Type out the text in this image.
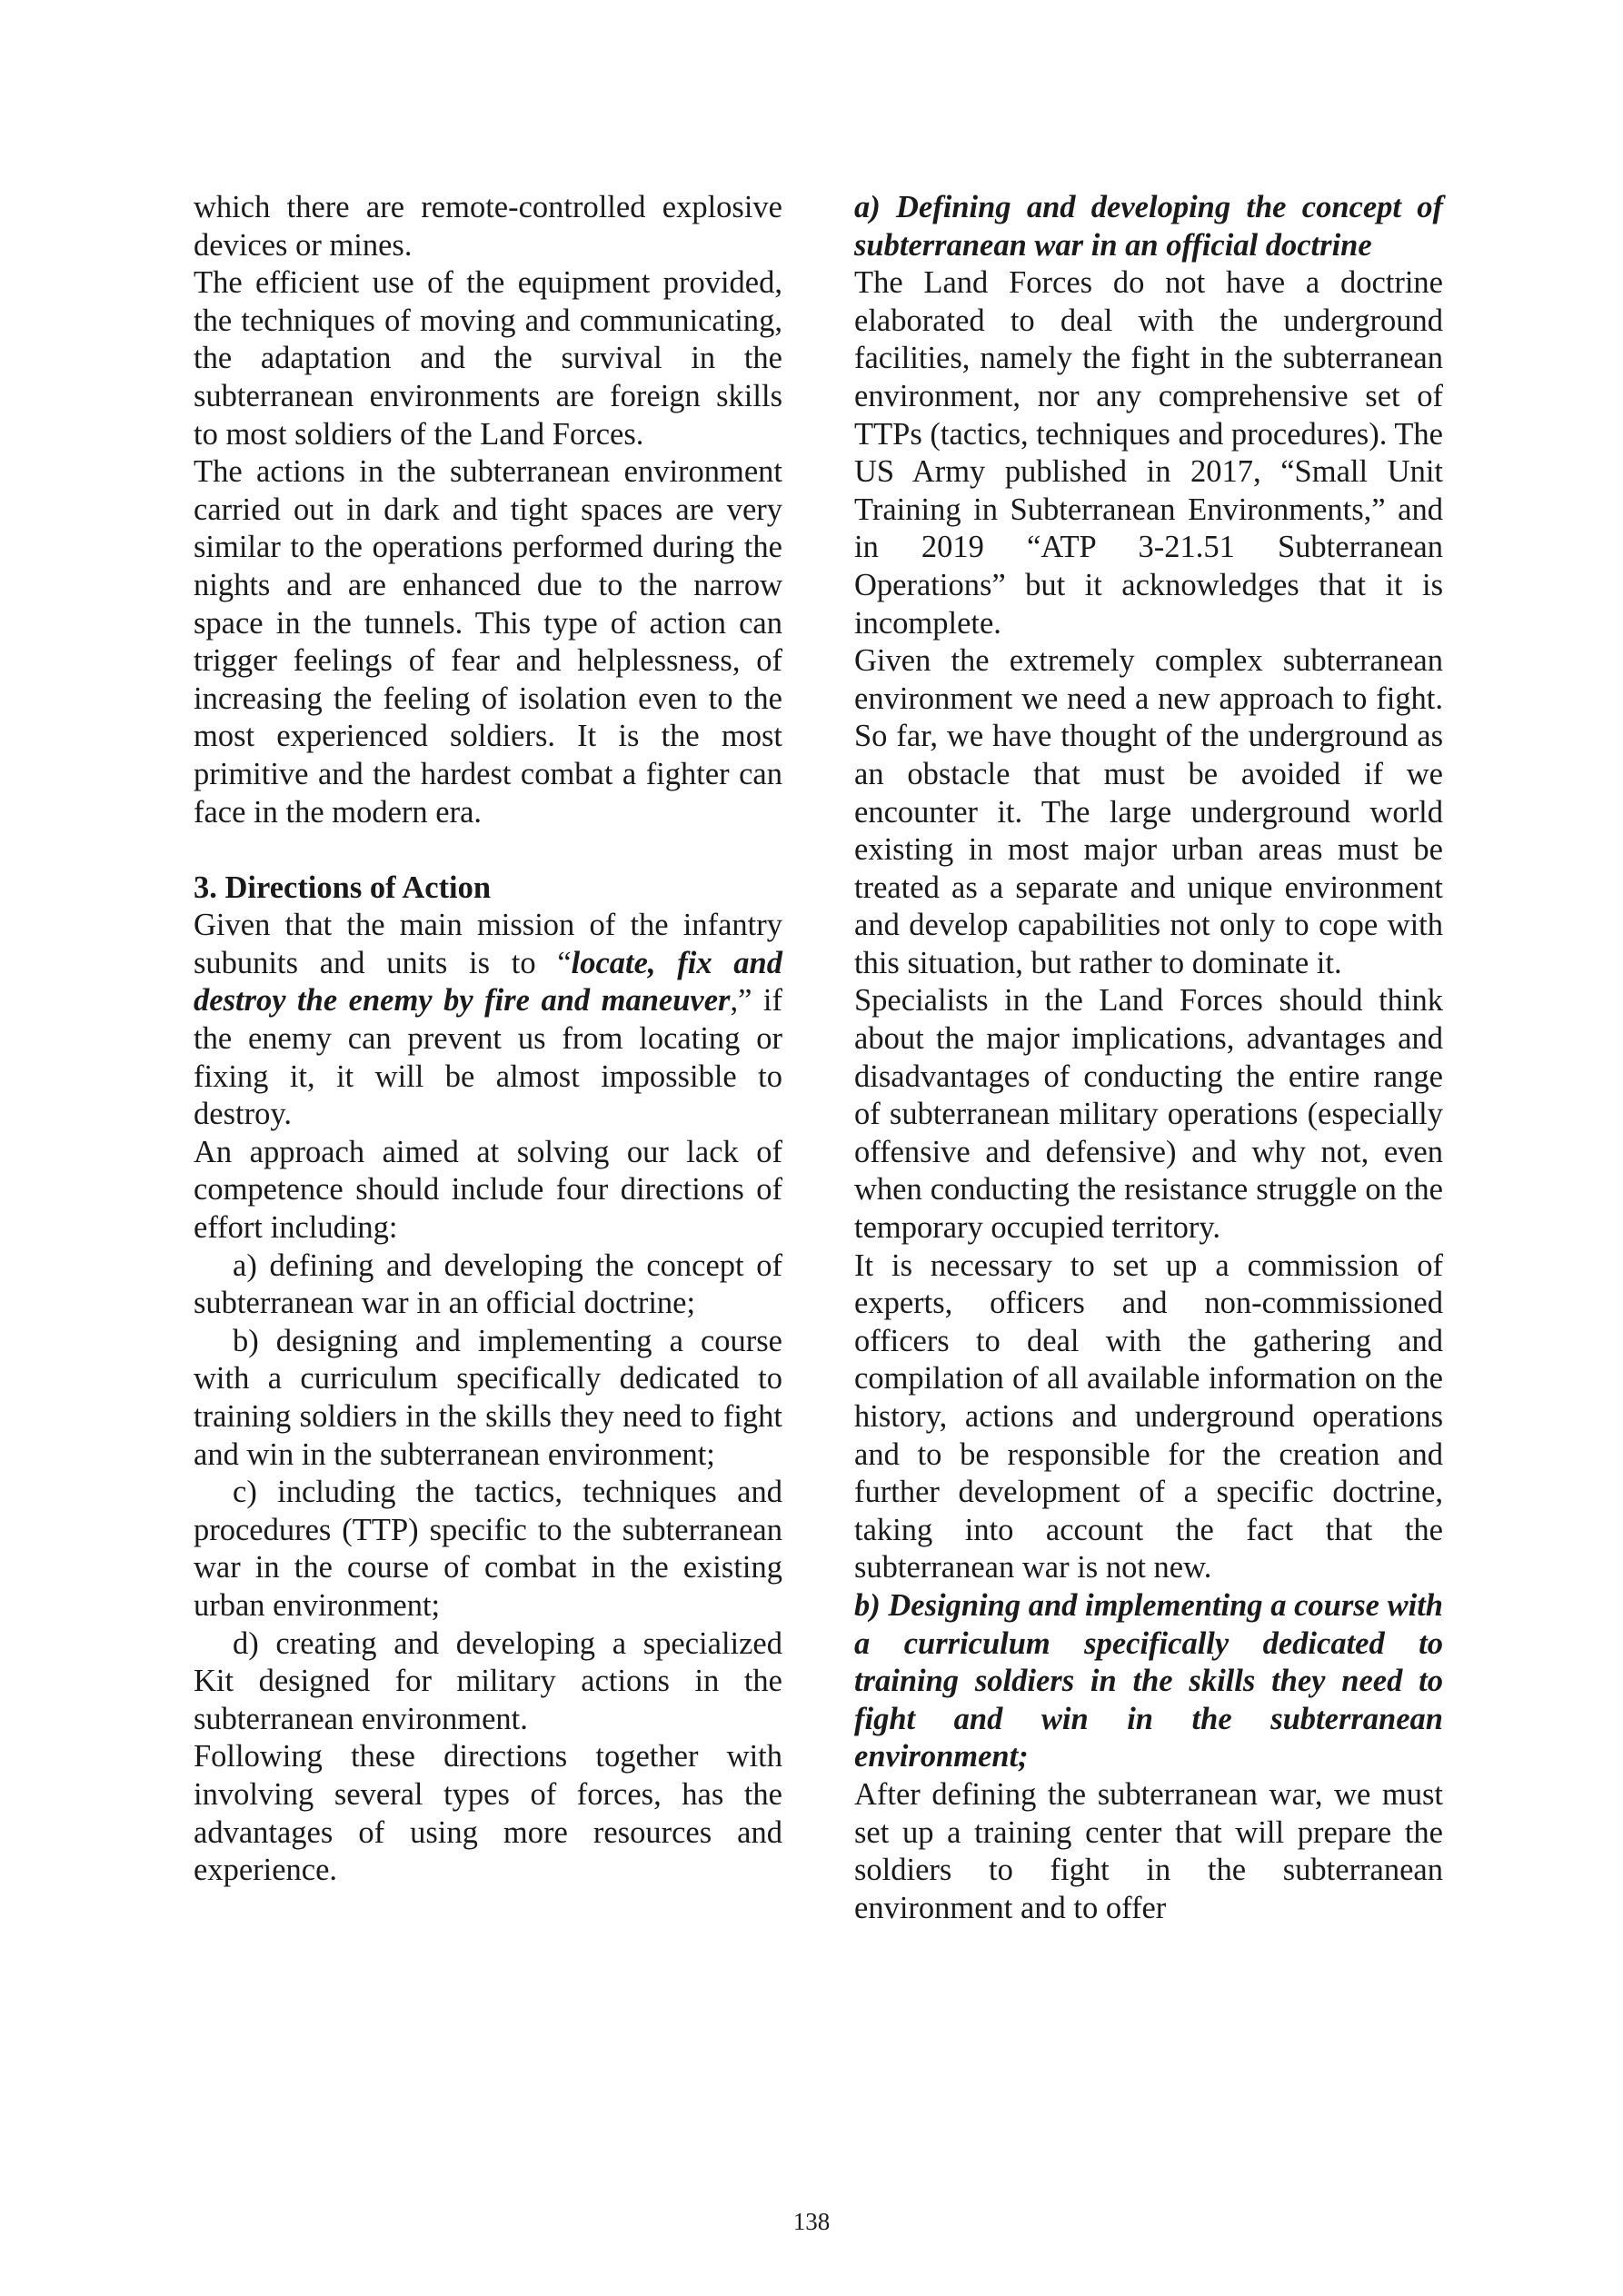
which there are remote-controlled explosive devices or mines.

The efficient use of the equipment provided, the techniques of moving and communicating, the adaptation and the survival in the subterranean environments are foreign skills to most soldiers of the Land Forces.

The actions in the subterranean environment carried out in dark and tight spaces are very similar to the operations performed during the nights and are enhanced due to the narrow space in the tunnels. This type of action can trigger feelings of fear and helplessness, of increasing the feeling of isolation even to the most experienced soldiers. It is the most primitive and the hardest combat a fighter can face in the modern era.

3. Directions of Action

Given that the main mission of the infantry subunits and units is to “locate, fix and destroy the enemy by fire and maneuver,” if the enemy can prevent us from locating or fixing it, it will be almost impossible to destroy.

An approach aimed at solving our lack of competence should include four directions of effort including:

a) defining and developing the concept of subterranean war in an official doctrine;

b) designing and implementing a course with a curriculum specifically dedicated to training soldiers in the skills they need to fight and win in the subterranean environment;

c) including the tactics, techniques and procedures (TTP) specific to the subterranean war in the course of combat in the existing urban environment;

d) creating and developing a specialized Kit designed for military actions in the subterranean environment.

Following these directions together with involving several types of forces, has the advantages of using more resources and experience.

a) Defining and developing the concept of subterranean war in an official doctrine

The Land Forces do not have a doctrine elaborated to deal with the underground facilities, namely the fight in the subterranean environment, nor any comprehensive set of TTPs (tactics, techniques and procedures). The US Army published in 2017, “Small Unit Training in Subterranean Environments,” and in 2019 “ATP 3-21.51 Subterranean Operations” but it acknowledges that it is incomplete.

Given the extremely complex subterranean environment we need a new approach to fight. So far, we have thought of the underground as an obstacle that must be avoided if we encounter it. The large underground world existing in most major urban areas must be treated as a separate and unique environment and develop capabilities not only to cope with this situation, but rather to dominate it.

Specialists in the Land Forces should think about the major implications, advantages and disadvantages of conducting the entire range of subterranean military operations (especially offensive and defensive) and why not, even when conducting the resistance struggle on the temporary occupied territory.

It is necessary to set up a commission of experts, officers and non-commissioned officers to deal with the gathering and compilation of all available information on the history, actions and underground operations and to be responsible for the creation and further development of a specific doctrine, taking into account the fact that the subterranean war is not new.

b) Designing and implementing a course with a curriculum specifically dedicated to training soldiers in the skills they need to fight and win in the subterranean environment;

After defining the subterranean war, we must set up a training center that will prepare the soldiers to fight in the subterranean environment and to offer

138
